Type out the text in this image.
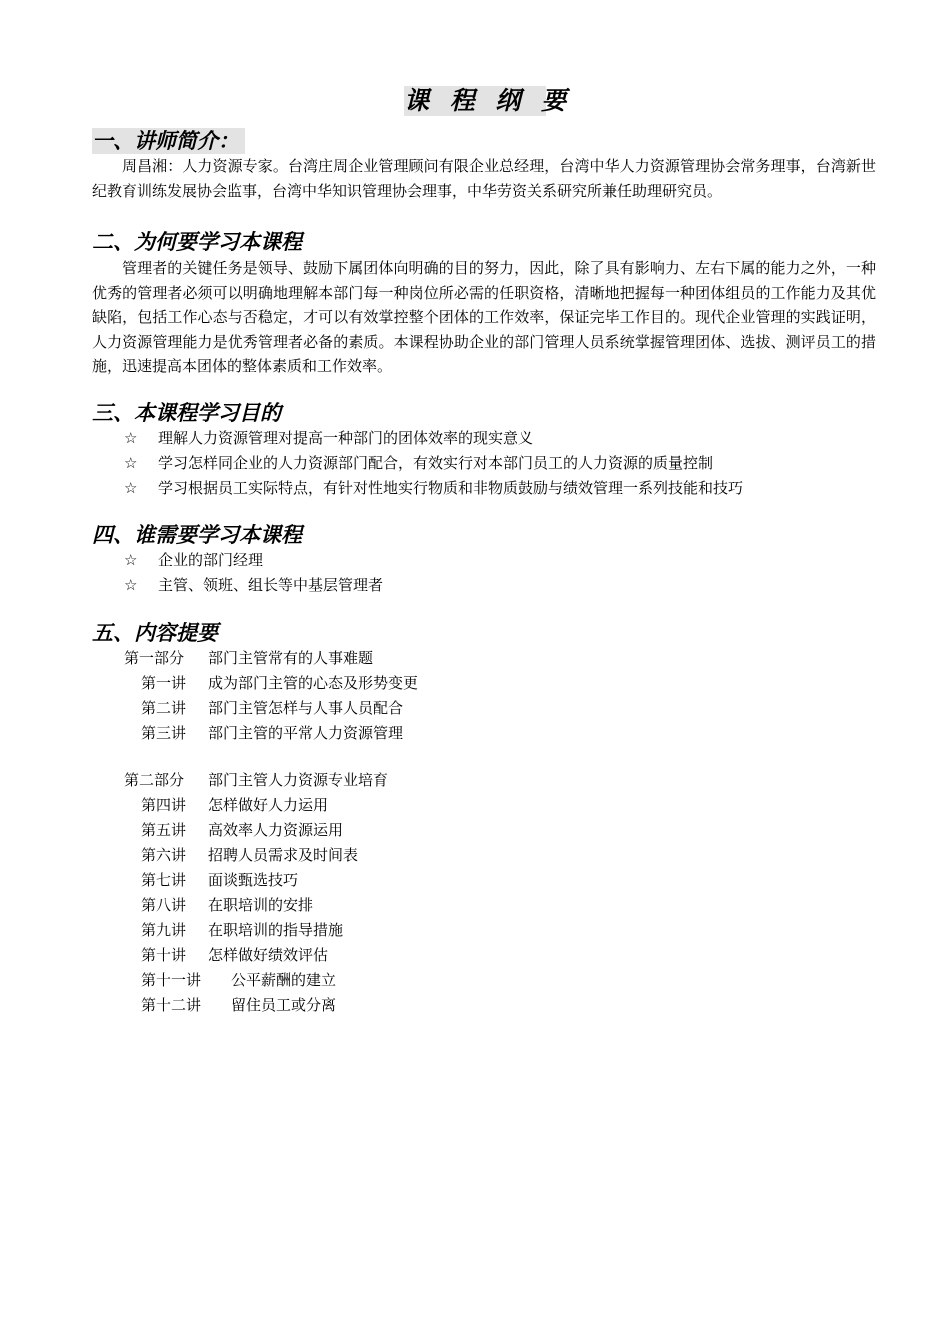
课 程 纲 要
一、讲师简介：
周昌湘：人力资源专家。台湾庄周企业管理顾问有限企业总经理，台湾中华人力资源管理协会常务理事，台湾新世纪教育训练发展协会监事，台湾中华知识管理协会理事，中华劳资关系研究所兼任助理研究员。
二、为何要学习本课程
管理者的关键任务是领导、鼓励下属团体向明确的目的努力，因此，除了具有影响力、左右下属的能力之外，一种优秀的管理者必须可以明确地理解本部门每一种岗位所必需的任职资格，清晰地把握每一种团体组员的工作能力及其优缺陷，包括工作心态与否稳定，才可以有效掌控整个团体的工作效率，保证完毕工作目的。现代企业管理的实践证明，人力资源管理能力是优秀管理者必备的素质。本课程协助企业的部门管理人员系统掌握管理团体、选拔、测评员工的措施，迅速提高本团体的整体素质和工作效率。
三、本课程学习目的
☆ 理解人力资源管理对提高一种部门的团体效率的现实意义
☆ 学习怎样同企业的人力资源部门配合，有效实行对本部门员工的人力资源的质量控制
☆ 学习根据员工实际特点，有针对性地实行物质和非物质鼓励与绩效管理一系列技能和技巧
四、谁需要学习本课程
☆ 企业的部门经理
☆ 主管、领班、组长等中基层管理者
五、内容提要
第一部分 部门主管常有的人事难题
第一讲 成为部门主管的心态及形势变更
第二讲 部门主管怎样与人事人员配合
第三讲 部门主管的平常人力资源管理
第二部分 部门主管人力资源专业培育
第四讲 怎样做好人力运用
第五讲 高效率人力资源运用
第六讲 招聘人员需求及时间表
第七讲 面谈甄选技巧
第八讲 在职培训的安排
第九讲 在职培训的指导措施
第十讲 怎样做好绩效评估
第十一讲 公平薪酬的建立
第十二讲 留住员工或分离
